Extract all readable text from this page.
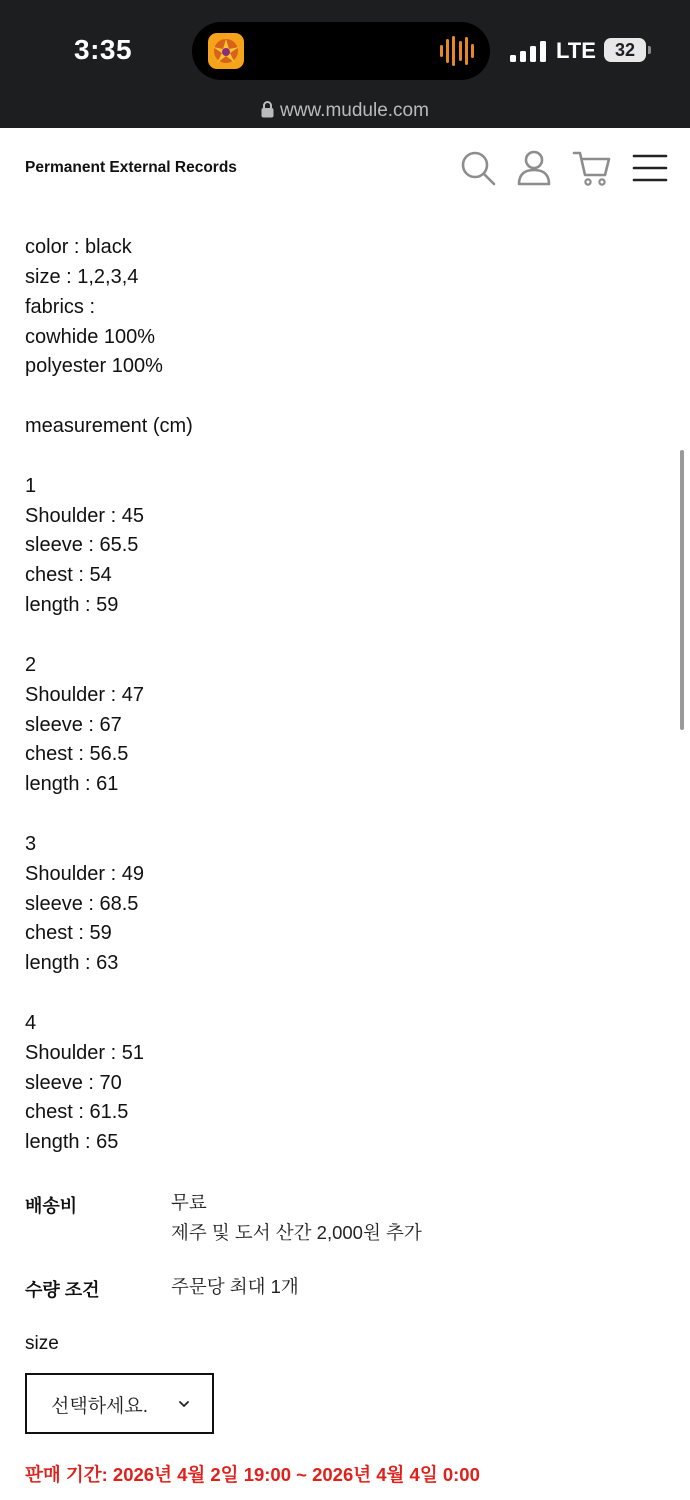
3:35	LTE	32
www.mudule.com
Permanent External Records
color : black
size : 1,2,3,4
fabrics :
cowhide 100%
polyester 100%
measurement (cm)
1
Shoulder : 45
sleeve : 65.5
chest : 54
length : 59
2
Shoulder : 47
sleeve : 67
chest : 56.5
length : 61
3
Shoulder : 49
sleeve : 68.5
chest : 59
length : 63
4
Shoulder : 51
sleeve : 70
chest : 61.5
length : 65
배송비	무료
제주 및 도서 산간 2,000원 추가
수량 조건	주문당 최대 1개
size
선택하세요.
판매 기간: 2026년 4월 2일 19:00 ~ 2026년 4월 4일 0:00
